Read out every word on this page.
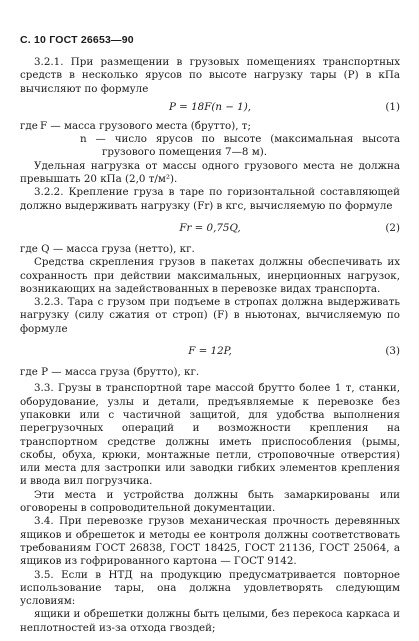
С. 10 ГОСТ 26653—90

3.2.1. При размещении в грузовых помещениях транспортных средств в несколько ярусов по высоте нагрузку тары (P) в кПа вычисляют по формуле

P = 18F(n − 1),	(1)
где F — масса грузового места (брутто), т;

n — число ярусов по высоте (максимальная высота грузового помещения 7—8 м).

Удельная нагрузка от массы одного грузового места не должна превышать 20 кПа (2,0 т/м²).

3.2.2. Крепление груза в таре по горизонтальной составляющей должно выдерживать нагрузку (Fr) в кгс, вычисляемую по формуле

Fr = 0,75Q,	(2)

где Q — масса груза (нетто), кг.

Средства скрепления грузов в пакетах должны обеспечивать их сохранность при действии максимальных, инерционных нагрузок, возникающих на задействованных в перевозке видах транспорта.

3.2.3. Тара с грузом при подъеме в стропах должна выдерживать нагрузку (силу сжатия от строп) (F) в ньютонах, вычисляемую по формуле

F = 12P,	(3)

где P — масса груза (брутто), кг.

3.3. Грузы в транспортной таре массой брутто более 1 т, станки, оборудование, узлы и детали, предъявляемые к перевозке без упаковки или с частичной защитой, для удобства выполнения перегрузочных операций и возможности крепления на транспортном средстве должны иметь приспособления (рымы, скобы, обуха, крюки, монтажные петли, строповочные отверстия) или места для застропки или заводки гибких элементов крепления и ввода вил погрузчика.

Эти места и устройства должны быть замаркированы или оговорены в сопроводительной документации.

3.4. При перевозке грузов механическая прочность деревянных ящиков и обрешеток и методы ее контроля должны соответствовать требованиям ГОСТ 26838, ГОСТ 18425, ГОСТ 21136, ГОСТ 25064, а ящиков из гофрированного картона — ГОСТ 9142.

3.5. Если в НТД на продукцию предусматривается повторное использование тары, она должна удовлетворять следующим условиям:

ящики и обрешетки должны быть целыми, без перекоса каркаса и неплотностей из-за отхода гвоздей;
